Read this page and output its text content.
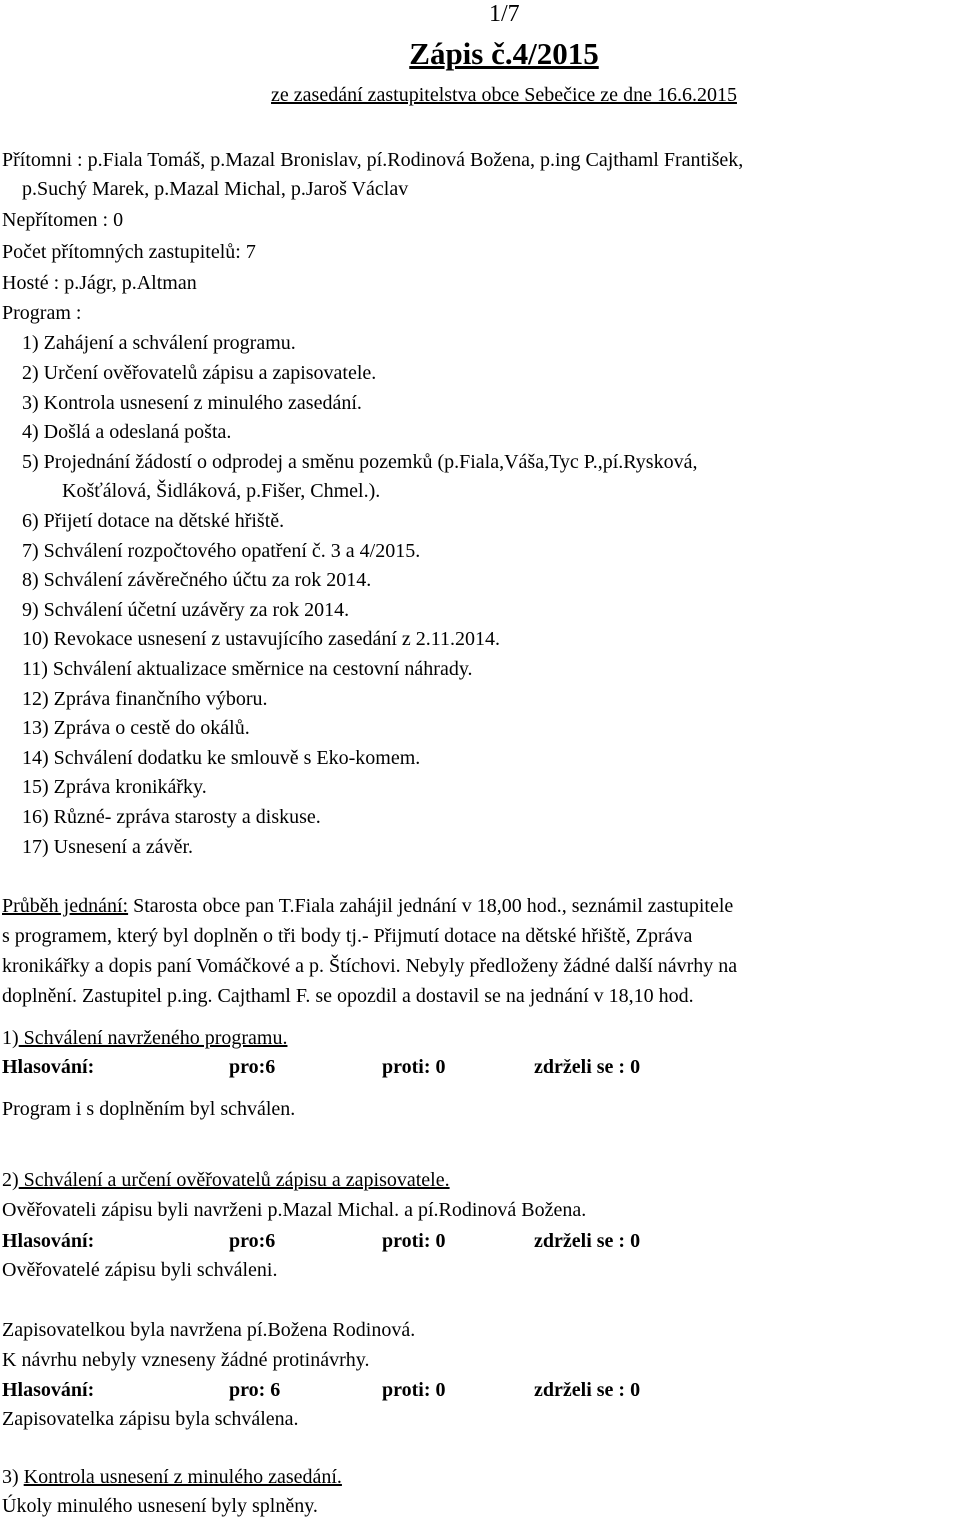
1/7
Zápis č.4/2015
ze zasedání zastupitelstva obce Sebečice ze dne 16.6.2015
Přítomni : p.Fiala Tomáš, p.Mazal Bronislav, pí.Rodinová Božena, p.ing Cajthaml František,
p.Suchý Marek, p.Mazal Michal, p.Jaroš Václav
Nepřítomen : 0
Počet přítomných zastupitelů: 7
Hosté : p.Jágr, p.Altman
Program :
1) Zahájení a schválení programu.
2) Určení ověřovatelů zápisu a zapisovatele.
3) Kontrola usnesení z minulého zasedání.
4) Došlá a odeslaná pošta.
5) Projednání žádostí o odprodej a směnu pozemků (p.Fiala,Váša,Tyc P.,pí.Rysková,
Košťálová, Šidláková, p.Fišer, Chmel.).
6) Přijetí dotace na dětské hřiště.
7) Schválení rozpočtového opatření č. 3 a 4/2015.
8) Schválení závěrečného účtu za rok 2014.
9) Schválení účetní uzávěry za rok 2014.
10) Revokace usnesení z ustavujícího zasedání z 2.11.2014.
11) Schválení aktualizace směrnice na cestovní náhrady.
12) Zpráva finančního výboru.
13) Zpráva o cestě do okálů.
14) Schválení dodatku ke smlouvě s Eko-komem.
15) Zpráva kronikářky.
16) Různé- zpráva starosty a diskuse.
17) Usnesení a závěr.
Průběh jednání: Starosta obce pan T.Fiala zahájil jednání v 18,00 hod., seznámil zastupitele
s programem, který byl doplněn o tři body tj.- Přijmutí dotace na dětské hřiště, Zpráva
kronikářky a dopis paní Vomáčkové a p. Štíchovi. Nebyly předloženy žádné další návrhy na
doplnění. Zastupitel p.ing. Cajthaml F. se opozdil a dostavil se na jednání v 18,10 hod.
1) Schválení navrženého programu.
Hlasování:	pro:6	proti: 0	zdrželi se : 0
Program i s doplněním byl schválen.
2) Schválení a určení ověřovatelů zápisu a zapisovatele.
Ověřovateli zápisu byli navrženi p.Mazal Michal. a pí.Rodinová Božena.
Hlasování:	pro:6	proti: 0	zdrželi se : 0
Ověřovatelé zápisu byli schváleni.
Zapisovatelkou byla navržena pí.Božena Rodinová.
K návrhu nebyly vzneseny žádné protinávrhy.
Hlasování:	pro: 6	proti: 0	zdrželi se : 0
Zapisovatelka zápisu byla schválena.
3) Kontrola usnesení z minulého zasedání.
Úkoly minulého usnesení byly splněny.
